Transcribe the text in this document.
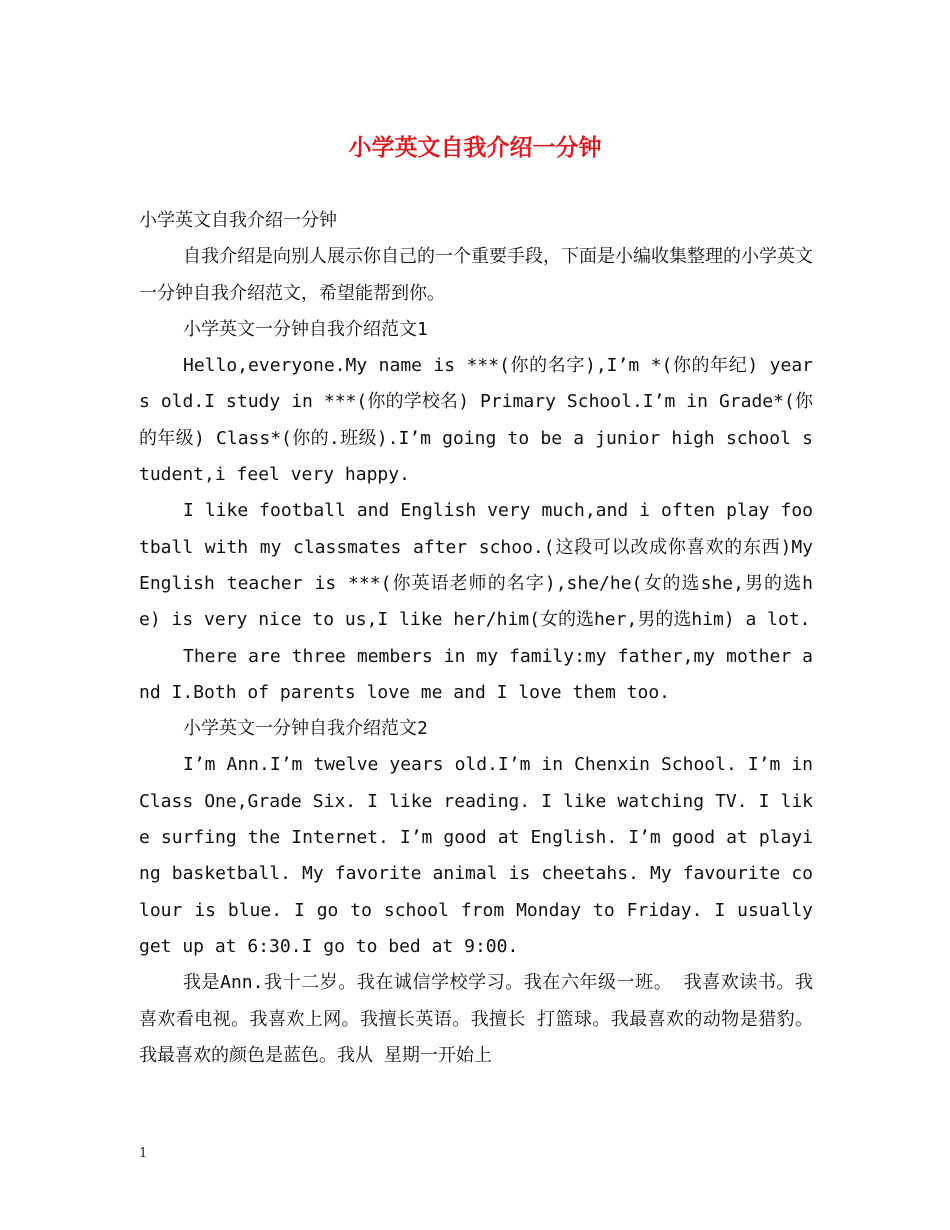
小学英文自我介绍一分钟

小学英文自我介绍一分钟

自我介绍是向别人展示你自己的一个重要手段，下面是小编收集整理的小学英文一分钟自我介绍范文，希望能帮到你。

小学英文一分钟自我介绍范文1

Hello,everyone.My name is ***(你的名字),I’m *(你的年纪) years old.I study in ***(你的学校名) Primary School.I’m in Grade*(你的年级) Class*(你的.班级).I’m going to be a junior high school student,i feel very happy.

I like football and English very much,and i often play football with my classmates after schoo.(这段可以改成你喜欢的东西)My English teacher is ***(你英语老师的名字),she/he(女的选she,男的选he) is very nice to us,I like her/him(女的选her,男的选him) a lot.

There are three members in my family:my father,my mother and I.Both of parents love me and I love them too.

小学英文一分钟自我介绍范文2

I’m Ann.I’m twelve years old.I’m in Chenxin School. I’m in Class One,Grade Six. I like reading. I like watching TV. I like surfing the Internet. I’m good at English. I’m good at playing basketball. My favorite animal is cheetahs. My favourite colour is blue. I go to school from Monday to Friday. I usually get up at 6:30.I go to bed at 9:00.

我是Ann.我十二岁。我在诚信学校学习。我在六年级一班。 我喜欢读书。我喜欢看电视。我喜欢上网。我擅长英语。我擅长 打篮球。我最喜欢的动物是猎豹。我最喜欢的颜色是蓝色。我从 星期一开始上

1
